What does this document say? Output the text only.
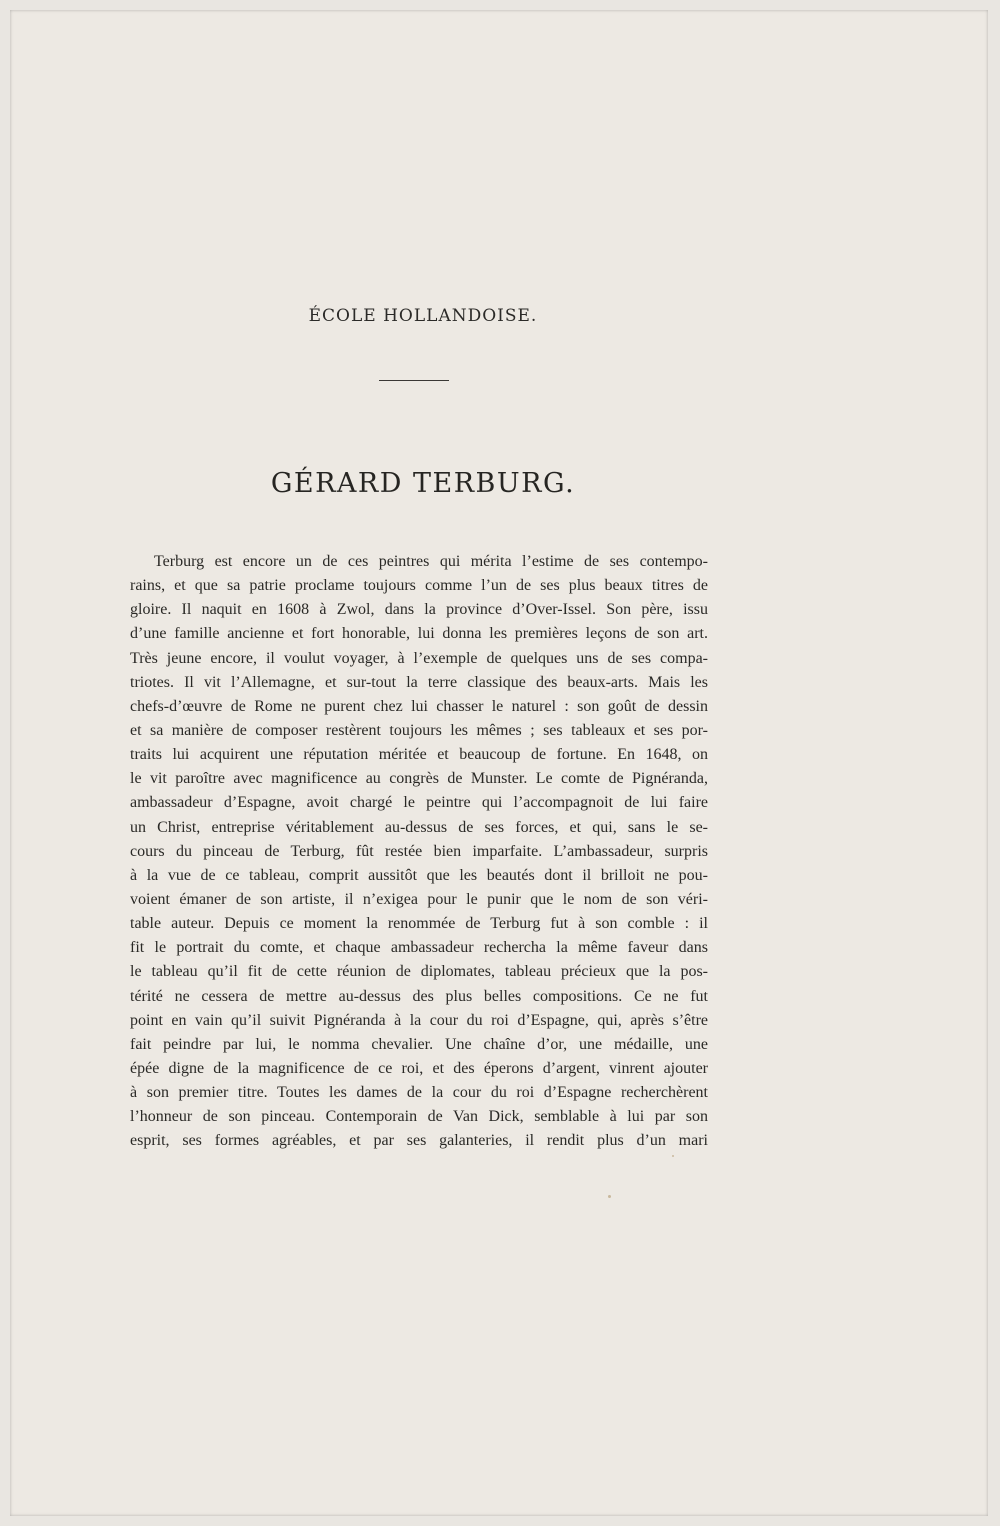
ÉCOLE HOLLANDOISE.
GÉRARD TERBURG.
Terburg est encore un de ces peintres qui mérita l’estime de ses contempo-
rains, et que sa patrie proclame toujours comme l’un de ses plus beaux titres de
gloire. Il naquit en 1608 à Zwol, dans la province d’Over-Issel. Son père, issu
d’une famille ancienne et fort honorable, lui donna les premières leçons de son art.
Très jeune encore, il voulut voyager, à l’exemple de quelques uns de ses compa-
triotes. Il vit l’Allemagne, et sur-tout la terre classique des beaux-arts. Mais les
chefs-d’œuvre de Rome ne purent chez lui chasser le naturel : son goût de dessin
et sa manière de composer restèrent toujours les mêmes ; ses tableaux et ses por-
traits lui acquirent une réputation méritée et beaucoup de fortune. En 1648, on
le vit paroître avec magnificence au congrès de Munster. Le comte de Pignéranda,
ambassadeur d’Espagne, avoit chargé le peintre qui l’accompagnoit de lui faire
un Christ, entreprise véritablement au-dessus de ses forces, et qui, sans le se-
cours du pinceau de Terburg, fût restée bien imparfaite. L’ambassadeur, surpris
à la vue de ce tableau, comprit aussitôt que les beautés dont il brilloit ne pou-
voient émaner de son artiste, il n’exigea pour le punir que le nom de son véri-
table auteur. Depuis ce moment la renommée de Terburg fut à son comble : il
fit le portrait du comte, et chaque ambassadeur rechercha la même faveur dans
le tableau qu’il fit de cette réunion de diplomates, tableau précieux que la pos-
térité ne cessera de mettre au-dessus des plus belles compositions. Ce ne fut
point en vain qu’il suivit Pignéranda à la cour du roi d’Espagne, qui, après s’être
fait peindre par lui, le nomma chevalier. Une chaîne d’or, une médaille, une
épée digne de la magnificence de ce roi, et des éperons d’argent, vinrent ajouter
à son premier titre. Toutes les dames de la cour du roi d’Espagne recherchèrent
l’honneur de son pinceau. Contemporain de Van Dick, semblable à lui par son
esprit, ses formes agréables, et par ses galanteries, il rendit plus d’un mari
